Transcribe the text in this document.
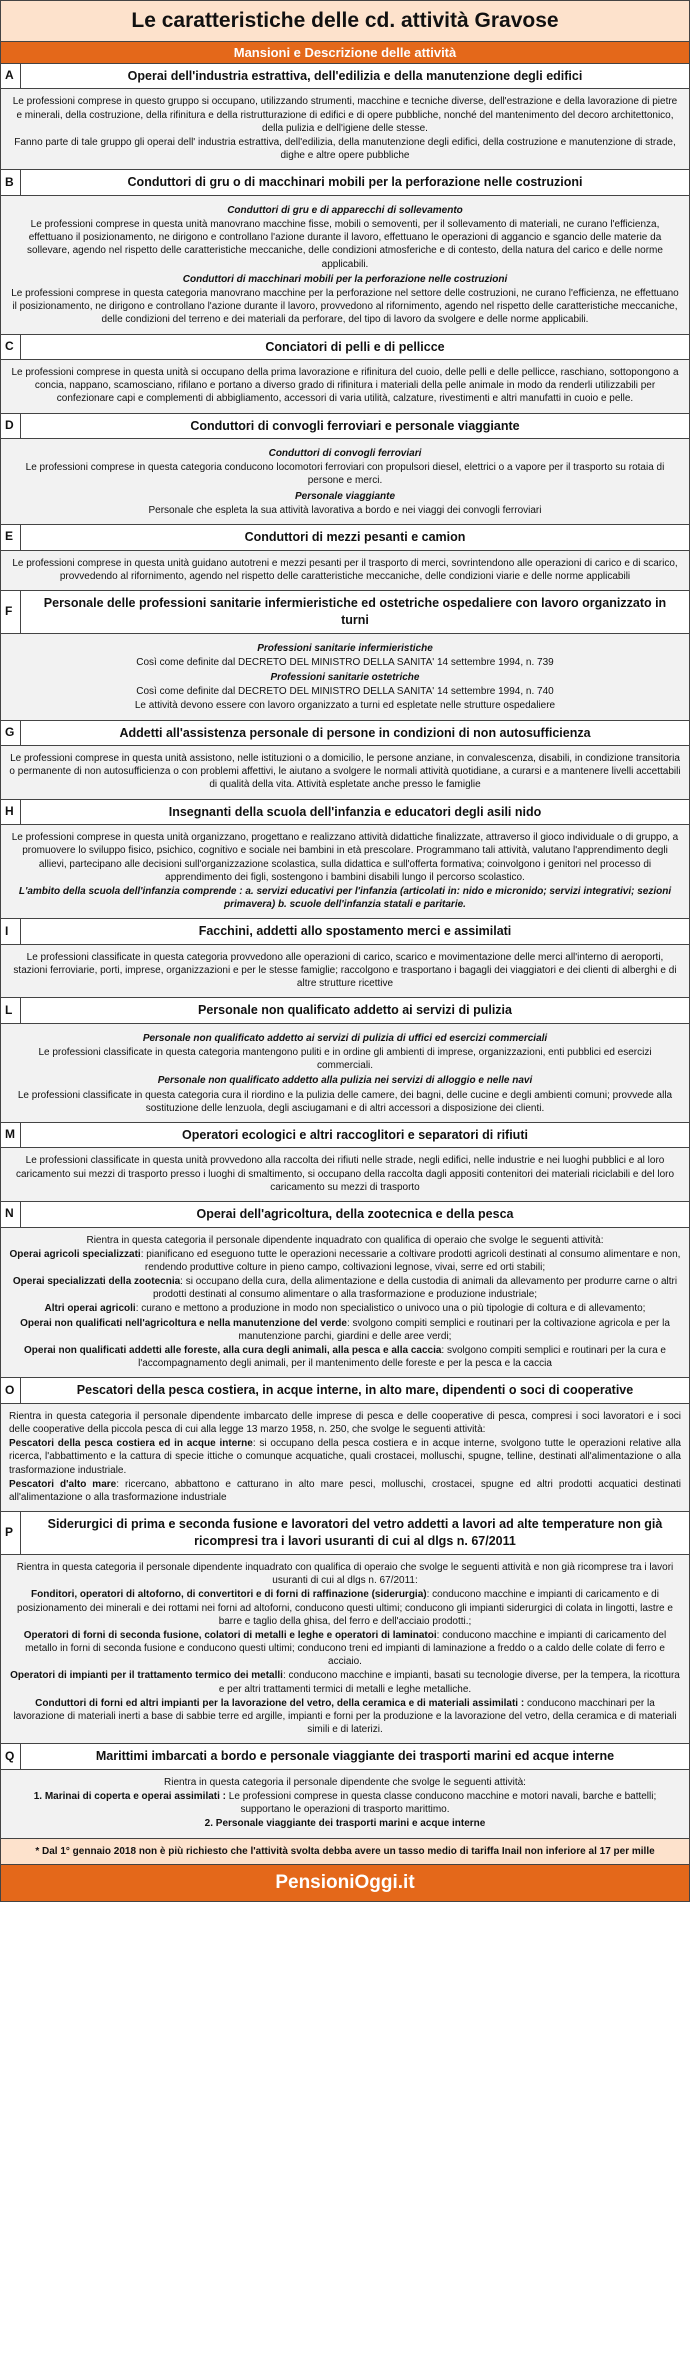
Le caratteristiche delle cd. attività Gravose
Mansioni e Descrizione delle attività
A	Operai dell'industria estrattiva, dell'edilizia e della manutenzione degli edifici

Le professioni comprese in questo gruppo si occupano, utilizzando strumenti, macchine e tecniche diverse, dell'estrazione e della lavorazione di pietre e minerali, della costruzione, della rifinitura e della ristrutturazione di edifici e di opere pubbliche, nonché del mantenimento del decoro architettonico, della pulizia e dell'igiene delle stesse.

Fanno parte di tale gruppo gli operai dell' industria estrattiva, dell'edilizia, della manutenzione degli edifici, della costruzione e manutenzione di strade, dighe e altre opere pubbliche

B	Conduttori di gru o di macchinari mobili per la perforazione nelle costruzioni

Conduttori di gru e di apparecchi di sollevamento

Le professioni comprese in questa unità manovrano macchine fisse, mobili o semoventi, per il sollevamento di materiali, ne curano l'efficienza, effettuano il posizionamento, ne dirigono e controllano l'azione durante il lavoro, effettuano le operazioni di aggancio e sgancio delle materie da sollevare, agendo nel rispetto delle caratteristiche meccaniche, delle condizioni atmosferiche e di contesto, della natura del carico e delle norme applicabili.

Conduttori di macchinari mobili per la perforazione nelle costruzioni

Le professioni comprese in questa categoria manovrano macchine per la perforazione nel settore delle costruzioni, ne curano l'efficienza, ne effettuano il posizionamento, ne dirigono e controllano l'azione durante il lavoro, provvedono al rifornimento, agendo nel rispetto delle caratteristiche meccaniche, delle condizioni del terreno e dei materiali da perforare, del tipo di lavoro da svolgere e delle norme applicabili.

C	Conciatori di pelli e di pellicce

Le professioni comprese in questa unità si occupano della prima lavorazione e rifinitura del cuoio, delle pelli e delle pellicce, raschiano, sottopongono a concia, nappano, scamosciano, rifilano e portano a diverso grado di rifinitura i materiali della pelle animale in modo da renderli utilizzabili per confezionare capi e complementi di abbigliamento, accessori di varia utilità, calzature, rivestimenti e altri manufatti in cuoio e pelle.

D	Conduttori di convogli ferroviari e personale viaggiante

Conduttori di convogli ferroviari

Le professioni comprese in questa categoria conducono locomotori ferroviari con propulsori diesel, elettrici o a vapore per il trasporto su rotaia di persone e merci.

Personale viaggiante

Personale che espleta la sua attività lavorativa a bordo e nei viaggi dei convogli ferroviari

E	Conduttori di mezzi pesanti e camion

Le professioni comprese in questa unità guidano autotreni e mezzi pesanti per il trasporto di merci, sovrintendono alle operazioni di carico e di scarico, provvedendo al rifornimento, agendo nel rispetto delle caratteristiche meccaniche, delle condizioni viarie e delle norme applicabili

F
Personale delle professioni sanitarie infermieristiche ed ostetriche ospedaliere con lavoro organizzato in turni

Professioni sanitarie infermieristiche

Così come definite dal DECRETO DEL MINISTRO DELLA SANITA' 14 settembre 1994, n. 739

Professioni sanitarie ostetriche

Così come definite dal DECRETO DEL MINISTRO DELLA SANITA' 14 settembre 1994, n. 740

Le attività devono essere con lavoro organizzato a turni ed espletate nelle strutture ospedaliere

G	Addetti all'assistenza personale di persone in condizioni di non autosufficienza

Le professioni comprese in questa unità assistono, nelle istituzioni o a domicilio, le persone anziane, in convalescenza, disabili, in condizione transitoria o permanente di non autosufficienza o con problemi affettivi, le aiutano a svolgere le normali attività quotidiane, a curarsi e a mantenere livelli accettabili di qualità della vita. Attività espletate anche presso le famiglie

H	Insegnanti della scuola dell'infanzia e educatori degli asili nido

Le professioni comprese in questa unità organizzano, progettano e realizzano attività didattiche finalizzate, attraverso il gioco individuale o di gruppo, a promuovere lo sviluppo fisico, psichico, cognitivo e sociale nei bambini in età prescolare. Programmano tali attività, valutano l'apprendimento degli allievi, partecipano alle decisioni sull'organizzazione scolastica, sulla didattica e sull'offerta formativa; coinvolgono i genitori nel processo di apprendimento dei figli, sostengono i bambini disabili lungo il percorso scolastico.

L'ambito della scuola dell'infanzia comprende : a. servizi educativi per l'infanzia (articolati in: nido e micronido; servizi integrativi; sezioni primavera) b. scuole dell'infanzia statali e paritarie.

I	Facchini, addetti allo spostamento merci e assimilati

Le professioni classificate in questa categoria provvedono alle operazioni di carico, scarico e movimentazione delle merci all'interno di aeroporti, stazioni ferroviarie, porti, imprese, organizzazioni e per le stesse famiglie; raccolgono e trasportano i bagagli dei viaggiatori e dei clienti di alberghi e di altre strutture ricettive

L	Personale non qualificato addetto ai servizi di pulizia

Personale non qualificato addetto ai servizi di pulizia di uffici ed esercizi commerciali

Le professioni classificate in questa categoria mantengono puliti e in ordine gli ambienti di imprese, organizzazioni, enti pubblici ed esercizi commerciali.

Personale non qualificato addetto alla pulizia nei servizi di alloggio e nelle navi

Le professioni classificate in questa categoria cura il riordino e la pulizia delle camere, dei bagni, delle cucine e degli ambienti comuni; provvede alla sostituzione delle lenzuola, degli asciugamani e di altri accessori a disposizione dei clienti.

M	Operatori ecologici e altri raccoglitori e separatori di rifiuti

Le professioni classificate in questa unità provvedono alla raccolta dei rifiuti nelle strade, negli edifici, nelle industrie e nei luoghi pubblici e al loro caricamento sui mezzi di trasporto presso i luoghi di smaltimento, si occupano della raccolta dagli appositi contenitori dei materiali riciclabili e del loro caricamento su mezzi di trasporto

N	Operai dell'agricoltura, della zootecnica e della pesca

Rientra in questa categoria il personale dipendente inquadrato con qualifica di operaio che svolge le seguenti attività:

Operai agricoli specializzati: pianificano ed eseguono tutte le operazioni necessarie a coltivare prodotti agricoli destinati al consumo alimentare e non, rendendo produttive colture in pieno campo, coltivazioni legnose, vivai, serre ed orti stabili;

Operai specializzati della zootecnia: si occupano della cura, della alimentazione e della custodia di animali da allevamento per produrre carne o altri prodotti destinati al consumo alimentare o alla trasformazione e produzione industriale;

Altri operai agricoli: curano e mettono a produzione in modo non specialistico o univoco una o più tipologie di coltura e di allevamento;

Operai non qualificati nell'agricoltura e nella manutenzione del verde: svolgono compiti semplici e routinari per la coltivazione agricola e per la manutenzione parchi, giardini e delle aree verdi;

Operai non qualificati addetti alle foreste, alla cura degli animali, alla pesca e alla caccia: svolgono compiti semplici e routinari per la cura e l'accompagnamento degli animali, per il mantenimento delle foreste e per la pesca e la caccia

O	Pescatori della pesca costiera, in acque interne, in alto mare, dipendenti o soci di cooperative

Rientra in questa categoria il personale dipendente imbarcato delle imprese di pesca e delle cooperative di pesca, compresi i soci lavoratori e i soci delle cooperative della piccola pesca di cui alla legge 13 marzo 1958, n. 250, che svolge le seguenti attività:

Pescatori della pesca costiera ed in acque interne: si occupano della pesca costiera e in acque interne, svolgono tutte le operazioni relative alla ricerca, l'abbattimento e la cattura di specie ittiche o comunque acquatiche, quali crostacei, molluschi, spugne, telline, destinati all'alimentazione o alla trasformazione industriale.

Pescatori d'alto mare: ricercano, abbattono e catturano in alto mare pesci, molluschi, crostacei, spugne ed altri prodotti acquatici destinati all'alimentazione o alla trasformazione industriale

P
Siderurgici di prima e seconda fusione e lavoratori del vetro addetti a lavori ad alte temperature non già ricompresi tra i lavori usuranti di cui al dlgs n. 67/2011

Rientra in questa categoria il personale dipendente inquadrato con qualifica di operaio che svolge le seguenti attività e non già ricomprese tra i lavori usuranti di cui al dlgs n. 67/2011:

Fonditori, operatori di altoforno, di convertitori e di forni di raffinazione (siderurgia): conducono macchine e impianti di caricamento e di posizionamento dei minerali e dei rottami nei forni ad altoforni, conducono questi ultimi; conducono gli impianti siderurgici di colata in lingotti, lastre e barre e taglio della ghisa, del ferro e dell'acciaio prodotti.;

Operatori di forni di seconda fusione, colatori di metalli e leghe e operatori di laminatoi: conducono macchine e impianti di caricamento del metallo in forni di seconda fusione e conducono questi ultimi; conducono treni ed impianti di laminazione a freddo o a caldo delle colate di ferro e acciaio.

Operatori di impianti per il trattamento termico dei metalli: conducono macchine e impianti, basati su tecnologie diverse, per la tempera, la ricottura e per altri trattamenti termici di metalli e leghe metalliche.

Conduttori di forni ed altri impianti per la lavorazione del vetro, della ceramica e di materiali assimilati : conducono macchinari per la lavorazione di materiali inerti a base di sabbie terre ed argille, impianti e forni per la produzione e la lavorazione del vetro, della ceramica e di materiali simili e di laterizi.

Q	Marittimi imbarcati a bordo e personale viaggiante dei trasporti marini ed acque interne

Rientra in questa categoria il personale dipendente che svolge le seguenti attività:

1. Marinai di coperta e operai assimilati : Le professioni comprese in questa classe conducono macchine e motori navali, barche e battelli; supportano le operazioni di trasporto marittimo.

2. Personale viaggiante dei trasporti marini e acque interne

* Dal 1° gennaio 2018 non è più richiesto che l'attività svolta debba avere un tasso medio di tariffa Inail non inferiore al 17 per mille
PensioniOggi.it
